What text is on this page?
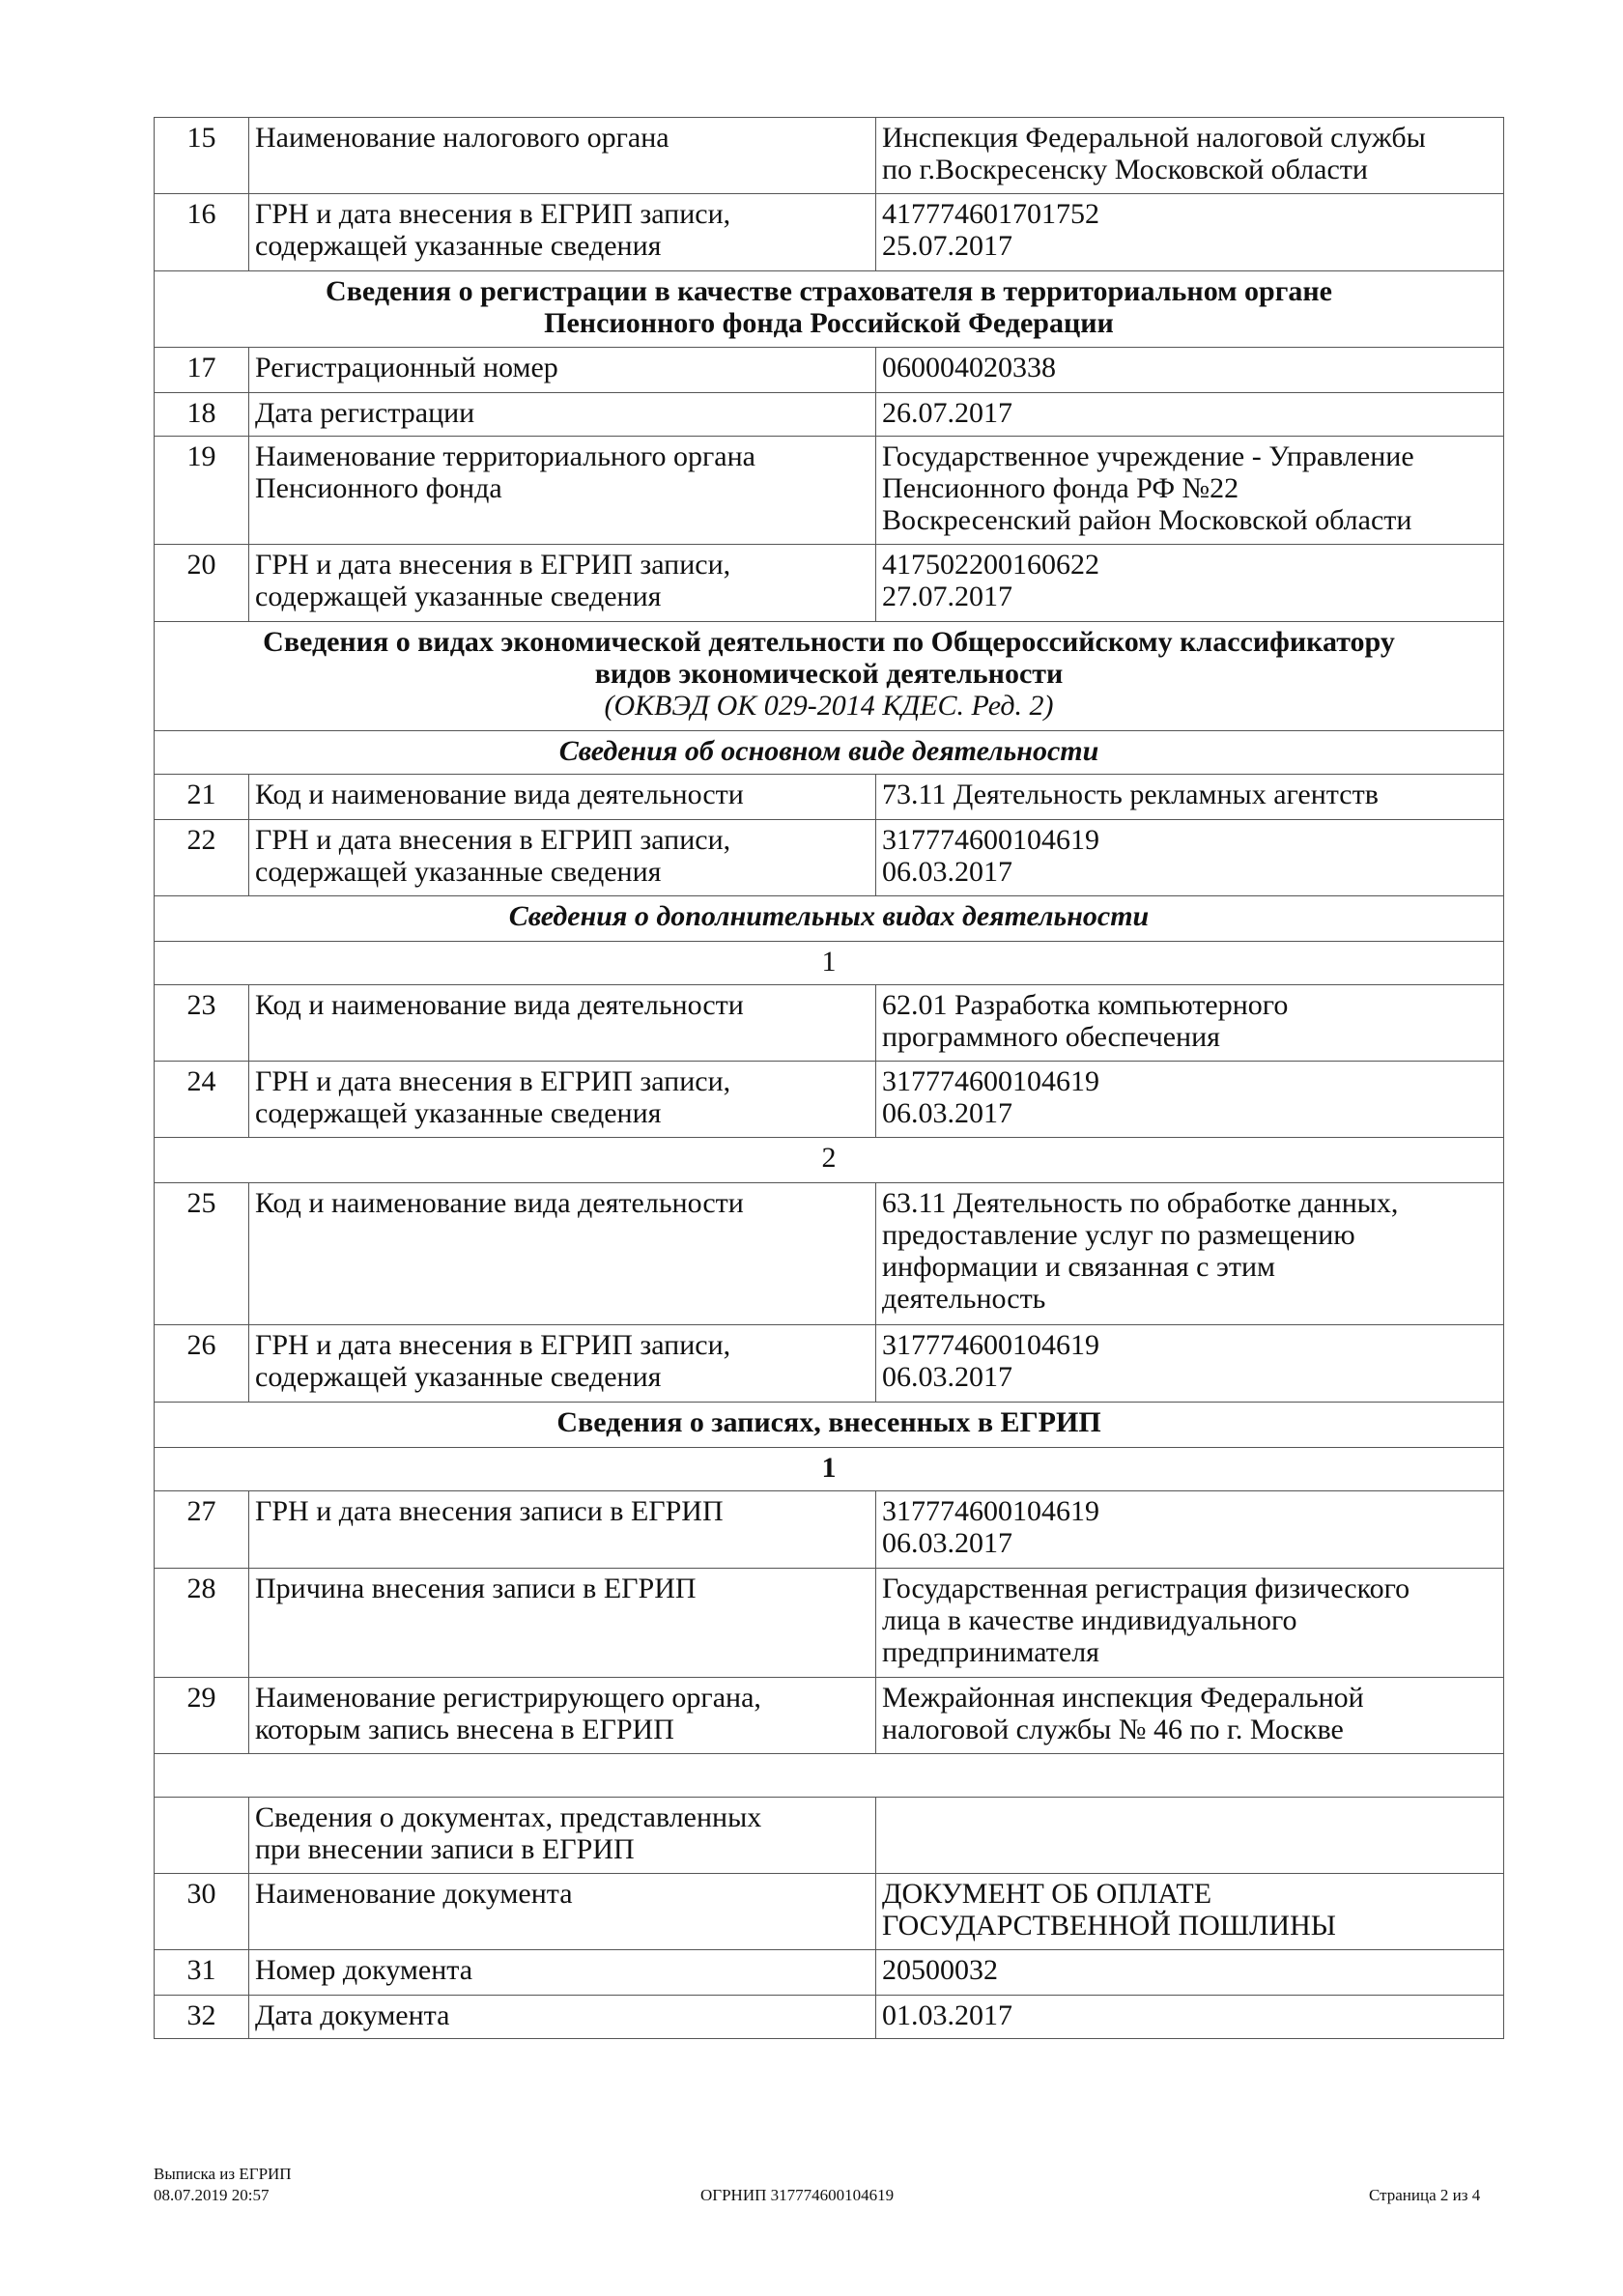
15	Наименование налогового органа	Инспекция Федеральной налоговой службы
по г.Воскресенску Московской области

16	ГРН и дата внесения в ЕГРИП записи,
содержащей указанные сведения	417774601701752
25.07.2017

Сведения о регистрации в качестве страхователя в территориальном органе
Пенсионного фонда Российской Федерации		

17	Регистрационный номер	060004020338

18	Дата регистрации	26.07.2017

19	Наименование территориального органа
Пенсионного фонда	Государственное учреждение - Управление
Пенсионного фонда РФ №22
Воскресенский район Московской области

20	ГРН и дата внесения в ЕГРИП записи,
содержащей указанные сведения	417502200160622
27.07.2017

Сведения о видах экономической деятельности по Общероссийскому классификатору
видов экономической деятельности
(ОКВЭД ОК 029-2014 КДЕС. Ред. 2)		

Сведения об основном виде деятельности		

21	Код и наименование вида деятельности	73.11 Деятельность рекламных агентств

22	ГРН и дата внесения в ЕГРИП записи,
содержащей указанные сведения	317774600104619
06.03.2017

Сведения о дополнительных видах деятельности		

1		

23	Код и наименование вида деятельности	62.01 Разработка компьютерного
программного обеспечения

24	ГРН и дата внесения в ЕГРИП записи,
содержащей указанные сведения	317774600104619
06.03.2017

2		

25	Код и наименование вида деятельности	63.11 Деятельность по обработке данных,
предоставление услуг по размещению
информации и связанная с этим
деятельность

26	ГРН и дата внесения в ЕГРИП записи,
содержащей указанные сведения	317774600104619
06.03.2017

Сведения о записях, внесенных в ЕГРИП		

1		

27	ГРН и дата внесения записи в ЕГРИП	317774600104619
06.03.2017

28	Причина внесения записи в ЕГРИП	Государственная регистрация физического
лица в качестве индивидуального
предпринимателя

29	Наименование регистрирующего органа,
которым запись внесена в ЕГРИП	Межрайонная инспекция Федеральной
налоговой службы № 46 по г. Москве

	Сведения о документах, представленных
при внесении записи в ЕГРИП	

30	Наименование документа	ДОКУМЕНТ ОБ ОПЛАТЕ
ГОСУДАРСТВЕННОЙ ПОШЛИНЫ

31	Номер документа	20500032

32	Дата документа	01.03.2017
Выписка из ЕГРИП
08.07.2019 20:57	ОГРНИП 317774600104619	Страница 2 из 4
